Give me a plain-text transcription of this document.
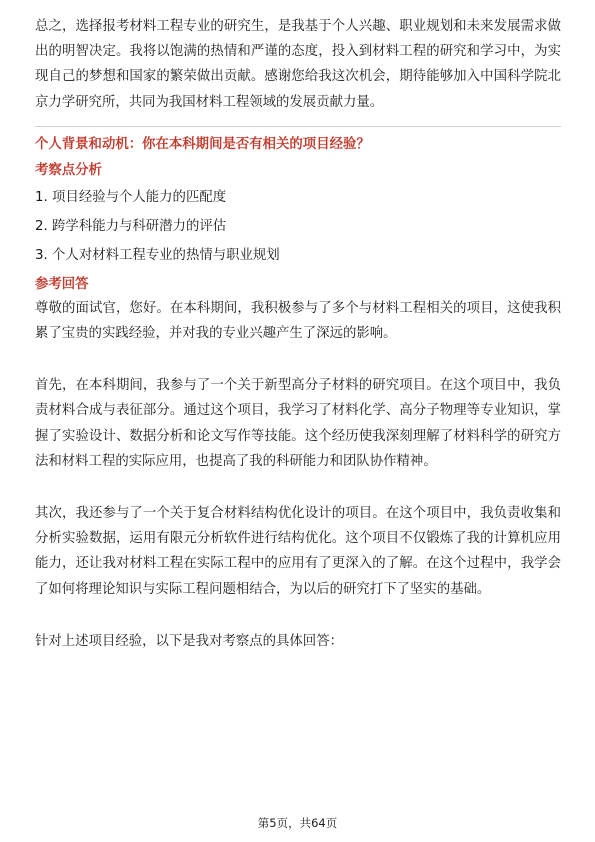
总之，选择报考材料工程专业的研究生，是我基于个人兴趣、职业规划和未来发展需求做出的明智决定。我将以饱满的热情和严谨的态度，投入到材料工程的研究和学习中，为实现自己的梦想和国家的繁荣做出贡献。感谢您给我这次机会，期待能够加入中国科学院北京力学研究所，共同为我国材料工程领域的发展贡献力量。

个人背景和动机：你在本科期间是否有相关的项目经验？
考察点分析
1. 项目经验与个人能力的匹配度
2. 跨学科能力与科研潜力的评估
3. 个人对材料工程专业的热情与职业规划
参考回答

尊敬的面试官，您好。在本科期间，我积极参与了多个与材料工程相关的项目，这使我积累了宝贵的实践经验，并对我的专业兴趣产生了深远的影响。

首先，在本科期间，我参与了一个关于新型高分子材料的研究项目。在这个项目中，我负责材料合成与表征部分。通过这个项目，我学习了材料化学、高分子物理等专业知识，掌握了实验设计、数据分析和论文写作等技能。这个经历使我深刻理解了材料科学的研究方法和材料工程的实际应用，也提高了我的科研能力和团队协作精神。

其次，我还参与了一个关于复合材料结构优化设计的项目。在这个项目中，我负责收集和分析实验数据，运用有限元分析软件进行结构优化。这个项目不仅锻炼了我的计算机应用能力，还让我对材料工程在实际工程中的应用有了更深入的了解。在这个过程中，我学会了如何将理论知识与实际工程问题相结合，为以后的研究打下了坚实的基础。

针对上述项目经验，以下是我对考察点的具体回答：

第5页，共64页
